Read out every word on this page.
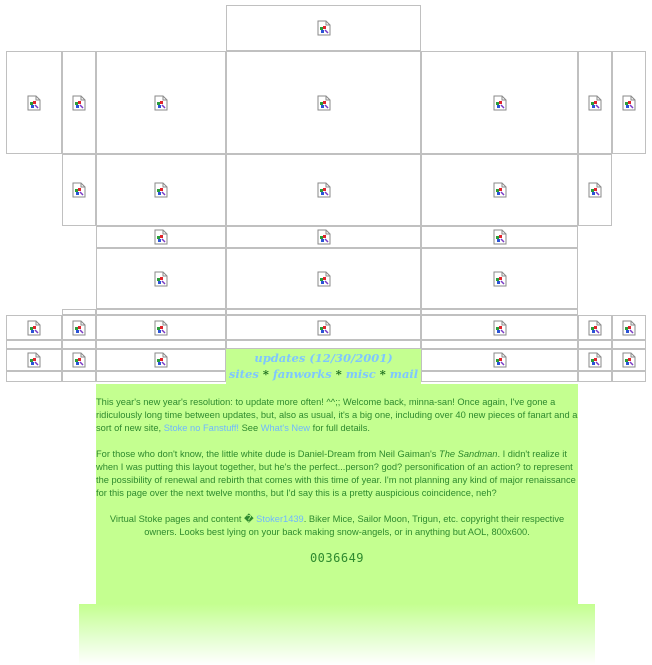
updates (12/30/2001)
sites * fanworks * misc * mail

This year's new year's resolution: to update more often! ^^;; Welcome back, minna-san! Once again, I've gone a ridiculously long time between updates, but, also as usual, it's a big one, including over 40 new pieces of fanart and a sort of new site, Stoke no Fanstuff! See What's New for full details.

For those who don't know, the little white dude is Daniel-Dream from Neil Gaiman's The Sandman. I didn't realize it when I was putting this layout together, but he's the perfect...person? god? personification of an action? to represent the possibility of renewal and rebirth that comes with this time of year. I'm not planning any kind of major renaissance for this page over the next twelve months, but I'd say this is a pretty auspicious coincidence, neh?

Virtual Stoke pages and content � Stoker1439. Biker Mice, Sailor Moon, Trigun, etc. copyright their respective owners. Looks best lying on your back making snow-angels, or in anything but AOL, 800x600.

0036649
